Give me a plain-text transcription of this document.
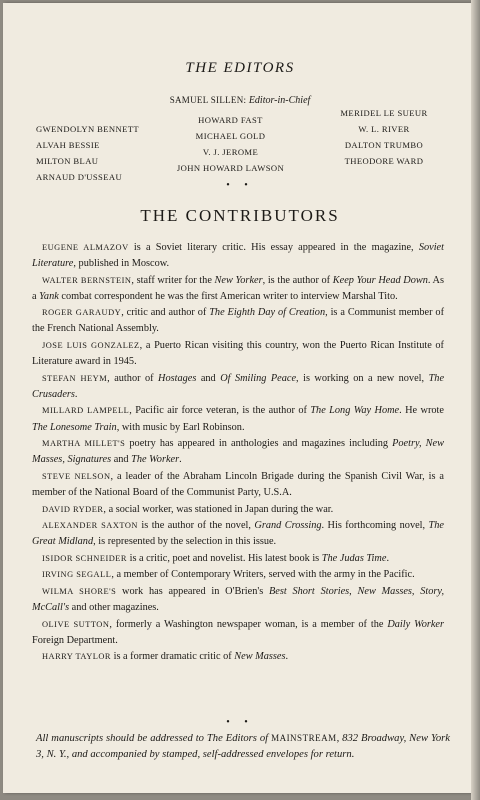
THE EDITORS
SAMUEL SILLEN: Editor-in-Chief
GWENDOLYN BENNETT
ALVAH BESSIE
MILTON BLAU
ARNAUD D'USSEAU
HOWARD FAST
MICHAEL GOLD
V. J. JEROME
JOHN HOWARD LAWSON
MERIDEL LE SUEUR
W. L. RIVER
DALTON TRUMBO
THEODORE WARD
• •
THE CONTRIBUTORS

EUGENE ALMAZOV is a Soviet literary critic. His essay appeared in the magazine, Soviet Literature, published in Moscow.

WALTER BERNSTEIN, staff writer for the New Yorker, is the author of Keep Your Head Down. As a Yank combat correspondent he was the first American writer to interview Marshal Tito.

ROGER GARAUDY, critic and author of The Eighth Day of Creation, is a Communist member of the French National Assembly.

JOSE LUIS GONZALEZ, a Puerto Rican visiting this country, won the Puerto Rican Institute of Literature award in 1945.

STEFAN HEYM, author of Hostages and Of Smiling Peace, is working on a new novel, The Crusaders.

MILLARD LAMPELL, Pacific air force veteran, is the author of The Long Way Home. He wrote The Lonesome Train, with music by Earl Robinson.

MARTHA MILLET'S poetry has appeared in anthologies and magazines including Poetry, New Masses, Signatures and The Worker.

STEVE NELSON, a leader of the Abraham Lincoln Brigade during the Spanish Civil War, is a member of the National Board of the Communist Party, U.S.A.

DAVID RYDER, a social worker, was stationed in Japan during the war.

ALEXANDER SAXTON is the author of the novel, Grand Crossing. His forthcoming novel, The Great Midland, is represented by the selection in this issue.

ISIDOR SCHNEIDER is a critic, poet and novelist. His latest book is The Judas Time.

IRVING SEGALL, a member of Contemporary Writers, served with the army in the Pacific.

WILMA SHORE'S work has appeared in O'Brien's Best Short Stories, New Masses, Story, McCall's and other magazines.

OLIVE SUTTON, formerly a Washington newspaper woman, is a member of the Daily Worker Foreign Department.

HARRY TAYLOR is a former dramatic critic of New Masses.

• •
All manuscripts should be addressed to The Editors of MAINSTREAM, 832 Broadway, New York 3, N. Y., and accompanied by stamped, self-addressed envelopes for return.
